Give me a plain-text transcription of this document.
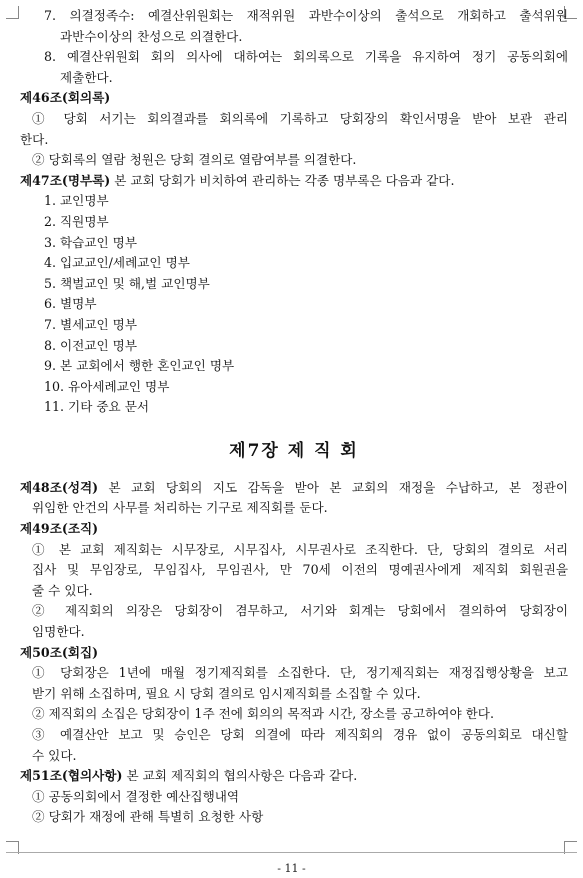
7. 의결정족수: 예결산위원회는 재적위원 과반수이상의 출석으로 개회하고 출석위원
과반수이상의 찬성으로 의결한다.
8. 예결산위원회 회의 의사에 대하여는 회의록으로 기록을 유지하여 정기 공동의회에
제출한다.
제46조(회의록)
① 당회 서기는 회의결과를 회의록에 기록하고 당회장의 확인서명을 받아 보관 관리
한다.
② 당회록의 열람 청원은 당회 결의로 열람여부를 의결한다.
제47조(명부록) 본 교회 당회가 비치하여 관리하는 각종 명부록은 다음과 같다.
1. 교인명부
2. 직원명부
3. 학습교인 명부
4. 입교교인/세례교인 명부
5. 책벌교인 및 해,벌 교인명부
6. 별명부
7. 별세교인 명부
8. 이전교인 명부
9. 본 교회에서 행한 혼인교인 명부
10. 유아세례교인 명부
11. 기타 중요 문서
제7장 제 직 회
제48조(성격) 본 교회 당회의 지도 감독을 받아 본 교회의 재정을 수납하고, 본 정관이
위임한 안건의 사무를 처리하는 기구로 제직회를 둔다.
제49조(조직)
① 본 교회 제직회는 시무장로, 시무집사, 시무권사로 조직한다. 단, 당회의 결의로 서리
집사 및 무임장로, 무임집사, 무임권사, 만 70세 이전의 명예권사에게 제직회 회원권을
줄 수 있다.
② 제직회의 의장은 당회장이 겸무하고, 서기와 회계는 당회에서 결의하여 당회장이
임명한다.
제50조(회집)
① 당회장은 1년에 매월 정기제직회를 소집한다. 단, 정기제직회는 재정집행상황을 보고
받기 위해 소집하며, 필요 시 당회 결의로 임시제직회를 소집할 수 있다.
② 제직회의 소집은 당회장이 1주 전에 회의의 목적과 시간, 장소를 공고하여야 한다.
③ 예결산안 보고 및 승인은 당회 의결에 따라 제직회의 경유 없이 공동의회로 대신할
수 있다.
제51조(협의사항) 본 교회 제직회의 협의사항은 다음과 같다.
① 공동의회에서 결정한 예산집행내역
② 당회가 재정에 관해 특별히 요청한 사항
- 11 -
